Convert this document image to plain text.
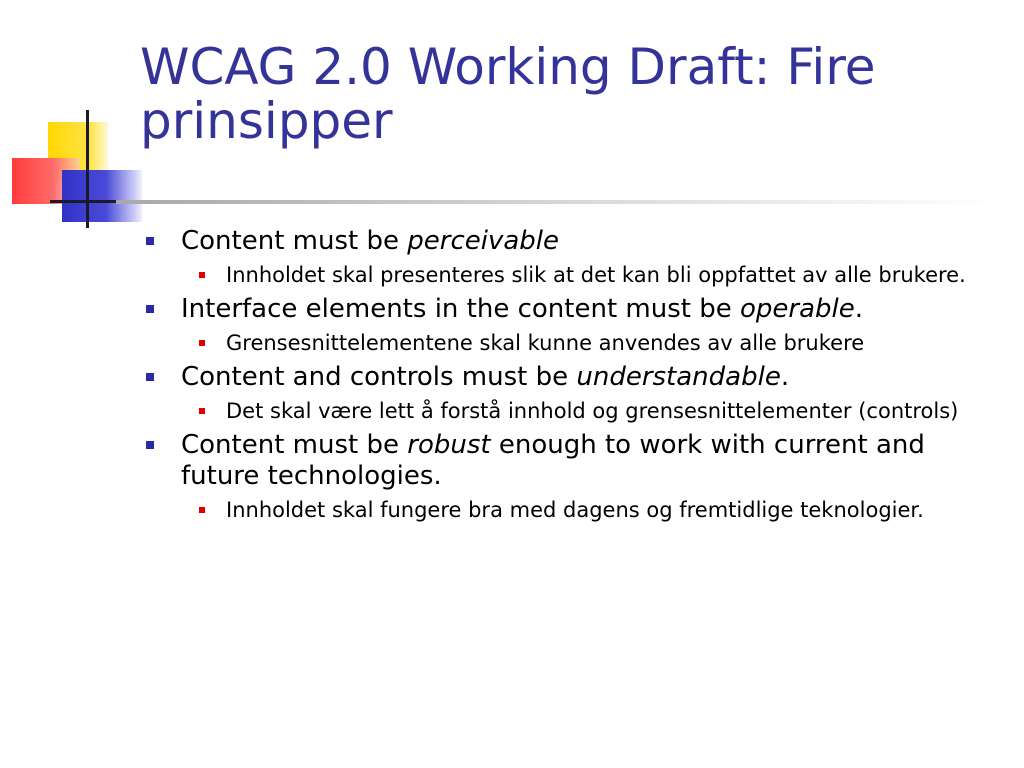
WCAG 2.0 Working Draft: Fire prinsipper
Content must be perceivable
Innholdet skal presenteres slik at det kan bli oppfattet av alle brukere.
Interface elements in the content must be operable.
Grensesnittelementene skal kunne anvendes av alle brukere
Content and controls must be understandable.
Det skal være lett å forstå innhold og grensesnittelementer (controls)
Content must be robust enough to work with current and future technologies.
Innholdet skal fungere bra med dagens og fremtidlige teknologier.
